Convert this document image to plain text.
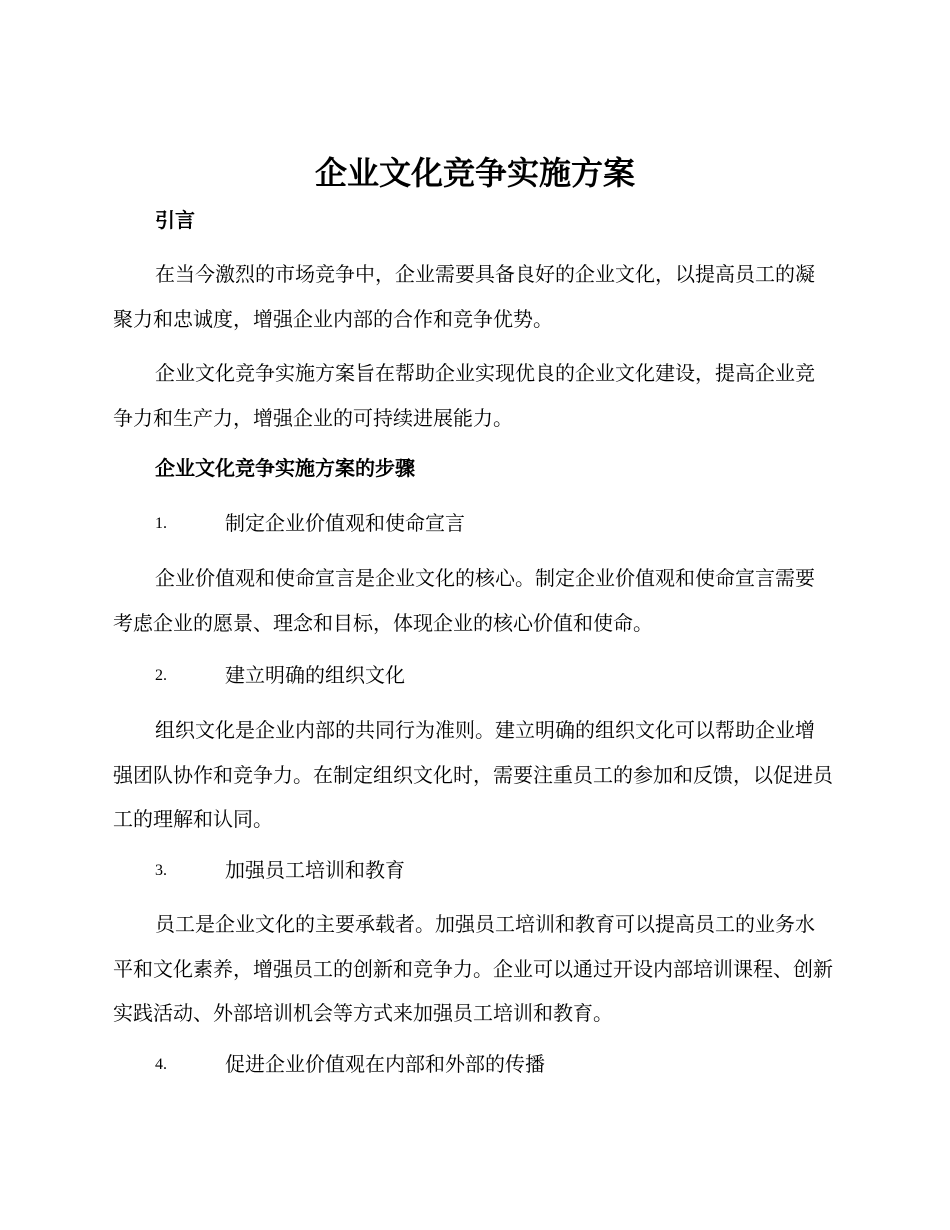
企业文化竞争实施方案
引言

在当今激烈的市场竞争中，企业需要具备良好的企业文化，以提高员工的凝聚力和忠诚度，增强企业内部的合作和竞争优势。

企业文化竞争实施方案旨在帮助企业实现优良的企业文化建设，提高企业竞争力和生产力，增强企业的可持续进展能力。

企业文化竞争实施方案的步骤
1.	制定企业价值观和使命宣言

企业价值观和使命宣言是企业文化的核心。制定企业价值观和使命宣言需要考虑企业的愿景、理念和目标，体现企业的核心价值和使命。

2.	建立明确的组织文化

组织文化是企业内部的共同行为准则。建立明确的组织文化可以帮助企业增强团队协作和竞争力。在制定组织文化时，需要注重员工的参加和反馈，以促进员工的理解和认同。

3.	加强员工培训和教育

员工是企业文化的主要承载者。加强员工培训和教育可以提高员工的业务水平和文化素养，增强员工的创新和竞争力。企业可以通过开设内部培训课程、创新实践活动、外部培训机会等方式来加强员工培训和教育。

4.	促进企业价值观在内部和外部的传播
